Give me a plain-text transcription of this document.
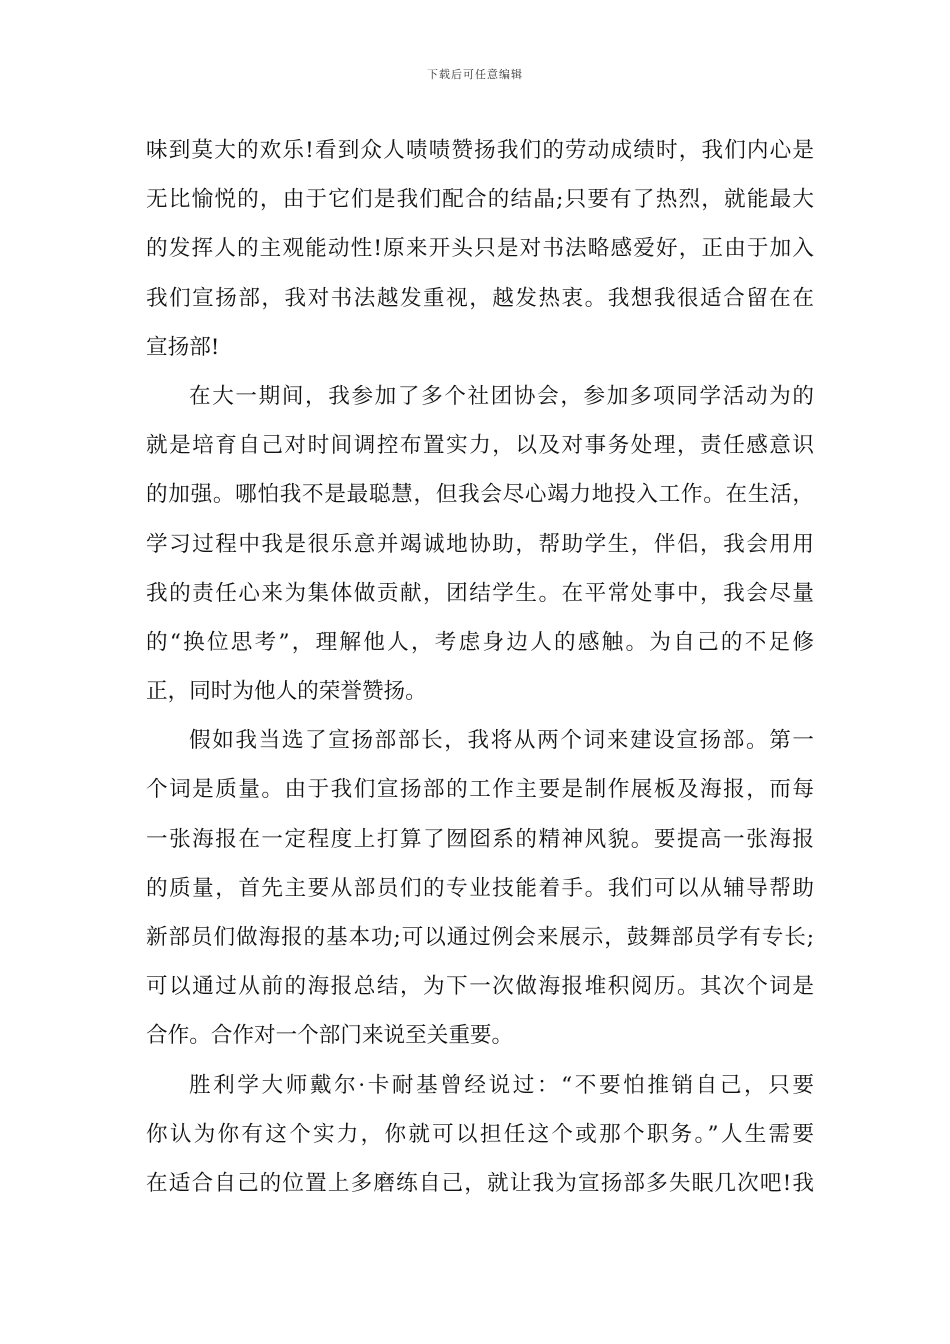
下载后可任意编辑
味到莫大的欢乐!看到众人啧啧赞扬我们的劳动成绩时，我们内心是
无比愉悦的，由于它们是我们配合的结晶;只要有了热烈，就能最大
的发挥人的主观能动性!原来开头只是对书法略感爱好，正由于加入
我们宣扬部，我对书法越发重视，越发热衷。我想我很适合留在在
宣扬部!
在大一期间，我参加了多个社团协会，参加多项同学活动为的
就是培育自己对时间调控布置实力，以及对事务处理，责任感意识
的加强。哪怕我不是最聪慧，但我会尽心竭力地投入工作。在生活，
学习过程中我是很乐意并竭诚地协助，帮助学生，伴侣，我会用用
我的责任心来为集体做贡献，团结学生。在平常处事中，我会尽量
的“换位思考”，理解他人，考虑身边人的感触。为自己的不足修
正，同时为他人的荣誉赞扬。
假如我当选了宣扬部部长，我将从两个词来建设宣扬部。第一
个词是质量。由于我们宣扬部的工作主要是制作展板及海报，而每
一张海报在一定程度上打算了囫囵系的精神风貌。要提高一张海报
的质量，首先主要从部员们的专业技能着手。我们可以从辅导帮助
新部员们做海报的基本功;可以通过例会来展示，鼓舞部员学有专长;
可以通过从前的海报总结，为下一次做海报堆积阅历。其次个词是
合作。合作对一个部门来说至关重要。
胜利学大师戴尔·卡耐基曾经说过：“不要怕推销自己，只要
你认为你有这个实力，你就可以担任这个或那个职务。”人生需要
在适合自己的位置上多磨练自己，就让我为宣扬部多失眠几次吧!我
